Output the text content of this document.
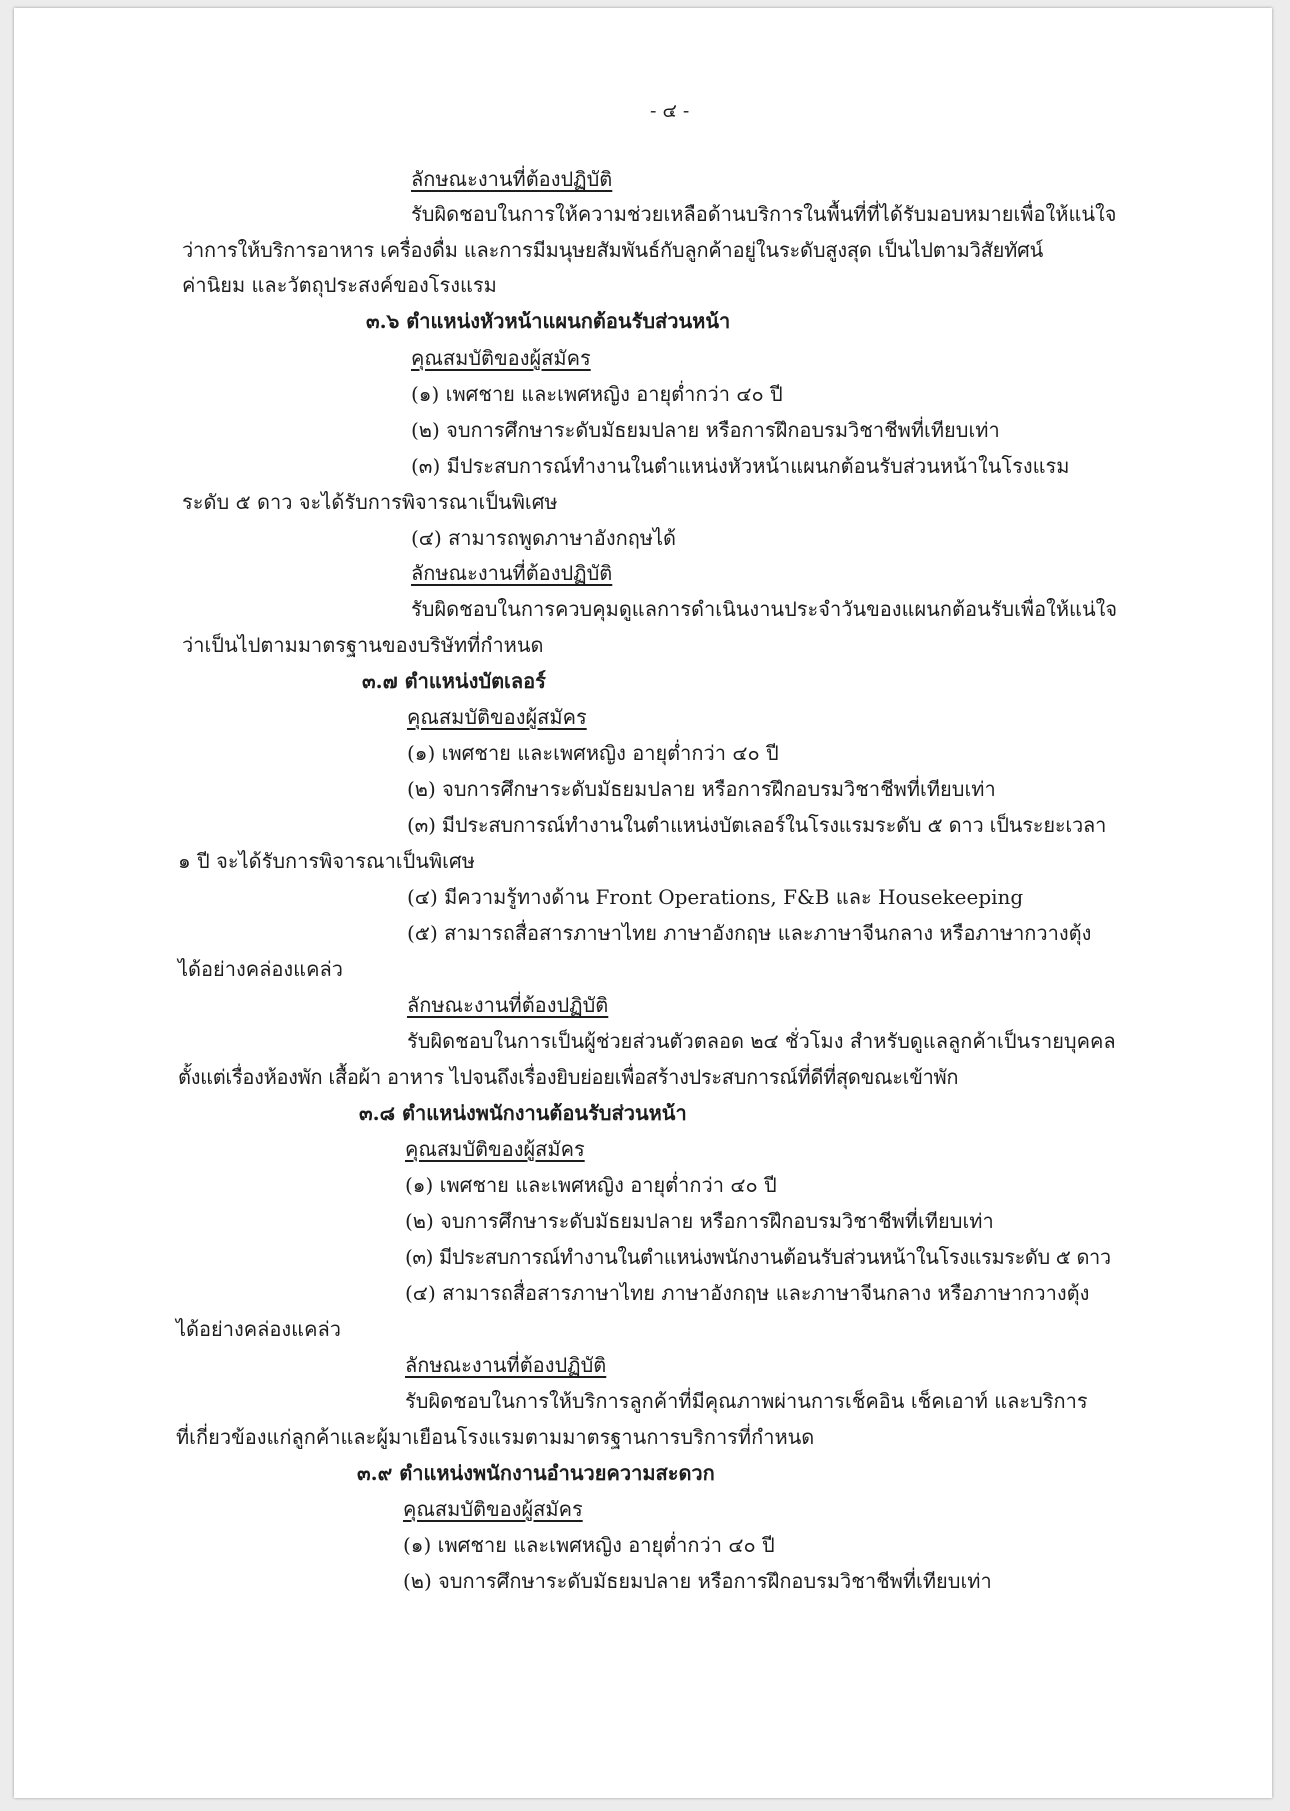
- ๔ -
ลักษณะงานที่ต้องปฏิบัติ
รับผิดชอบในการให้ความช่วยเหลือด้านบริการในพื้นที่ที่ได้รับมอบหมายเพื่อให้แน่ใจ
ว่าการให้บริการอาหาร เครื่องดื่ม และการมีมนุษยสัมพันธ์กับลูกค้าอยู่ในระดับสูงสุด เป็นไปตามวิสัยทัศน์
ค่านิยม และวัตถุประสงค์ของโรงแรม
๓.๖ ตำแหน่งหัวหน้าแผนกต้อนรับส่วนหน้า
คุณสมบัติของผู้สมัคร
(๑) เพศชาย และเพศหญิง อายุต่ำกว่า ๔๐ ปี
(๒) จบการศึกษาระดับมัธยมปลาย หรือการฝึกอบรมวิชาชีพที่เทียบเท่า
(๓) มีประสบการณ์ทำงานในตำแหน่งหัวหน้าแผนกต้อนรับส่วนหน้าในโรงแรม
ระดับ ๕ ดาว จะได้รับการพิจารณาเป็นพิเศษ
(๔) สามารถพูดภาษาอังกฤษได้
ลักษณะงานที่ต้องปฏิบัติ
รับผิดชอบในการควบคุมดูแลการดำเนินงานประจำวันของแผนกต้อนรับเพื่อให้แน่ใจ
ว่าเป็นไปตามมาตรฐานของบริษัทที่กำหนด
๓.๗ ตำแหน่งบัตเลอร์
คุณสมบัติของผู้สมัคร
(๑) เพศชาย และเพศหญิง อายุต่ำกว่า ๔๐ ปี
(๒) จบการศึกษาระดับมัธยมปลาย หรือการฝึกอบรมวิชาชีพที่เทียบเท่า
(๓) มีประสบการณ์ทำงานในตำแหน่งบัตเลอร์ในโรงแรมระดับ ๕ ดาว เป็นระยะเวลา
๑ ปี จะได้รับการพิจารณาเป็นพิเศษ
(๔) มีความรู้ทางด้าน Front Operations, F&B และ Housekeeping
(๕) สามารถสื่อสารภาษาไทย ภาษาอังกฤษ และภาษาจีนกลาง หรือภาษากวางตุ้ง
ได้อย่างคล่องแคล่ว
ลักษณะงานที่ต้องปฏิบัติ
รับผิดชอบในการเป็นผู้ช่วยส่วนตัวตลอด ๒๔ ชั่วโมง สำหรับดูแลลูกค้าเป็นรายบุคคล
ตั้งแต่เรื่องห้องพัก เสื้อผ้า อาหาร ไปจนถึงเรื่องยิบย่อยเพื่อสร้างประสบการณ์ที่ดีที่สุดขณะเข้าพัก
๓.๘ ตำแหน่งพนักงานต้อนรับส่วนหน้า
คุณสมบัติของผู้สมัคร
(๑) เพศชาย และเพศหญิง อายุต่ำกว่า ๔๐ ปี
(๒) จบการศึกษาระดับมัธยมปลาย หรือการฝึกอบรมวิชาชีพที่เทียบเท่า
(๓) มีประสบการณ์ทำงานในตำแหน่งพนักงานต้อนรับส่วนหน้าในโรงแรมระดับ ๕ ดาว
(๔) สามารถสื่อสารภาษาไทย ภาษาอังกฤษ และภาษาจีนกลาง หรือภาษากวางตุ้ง
ได้อย่างคล่องแคล่ว
ลักษณะงานที่ต้องปฏิบัติ
รับผิดชอบในการให้บริการลูกค้าที่มีคุณภาพผ่านการเช็คอิน เช็คเอาท์ และบริการ
ที่เกี่ยวข้องแก่ลูกค้าและผู้มาเยือนโรงแรมตามมาตรฐานการบริการที่กำหนด
๓.๙ ตำแหน่งพนักงานอำนวยความสะดวก
คุณสมบัติของผู้สมัคร
(๑) เพศชาย และเพศหญิง อายุต่ำกว่า ๔๐ ปี
(๒) จบการศึกษาระดับมัธยมปลาย หรือการฝึกอบรมวิชาชีพที่เทียบเท่า
